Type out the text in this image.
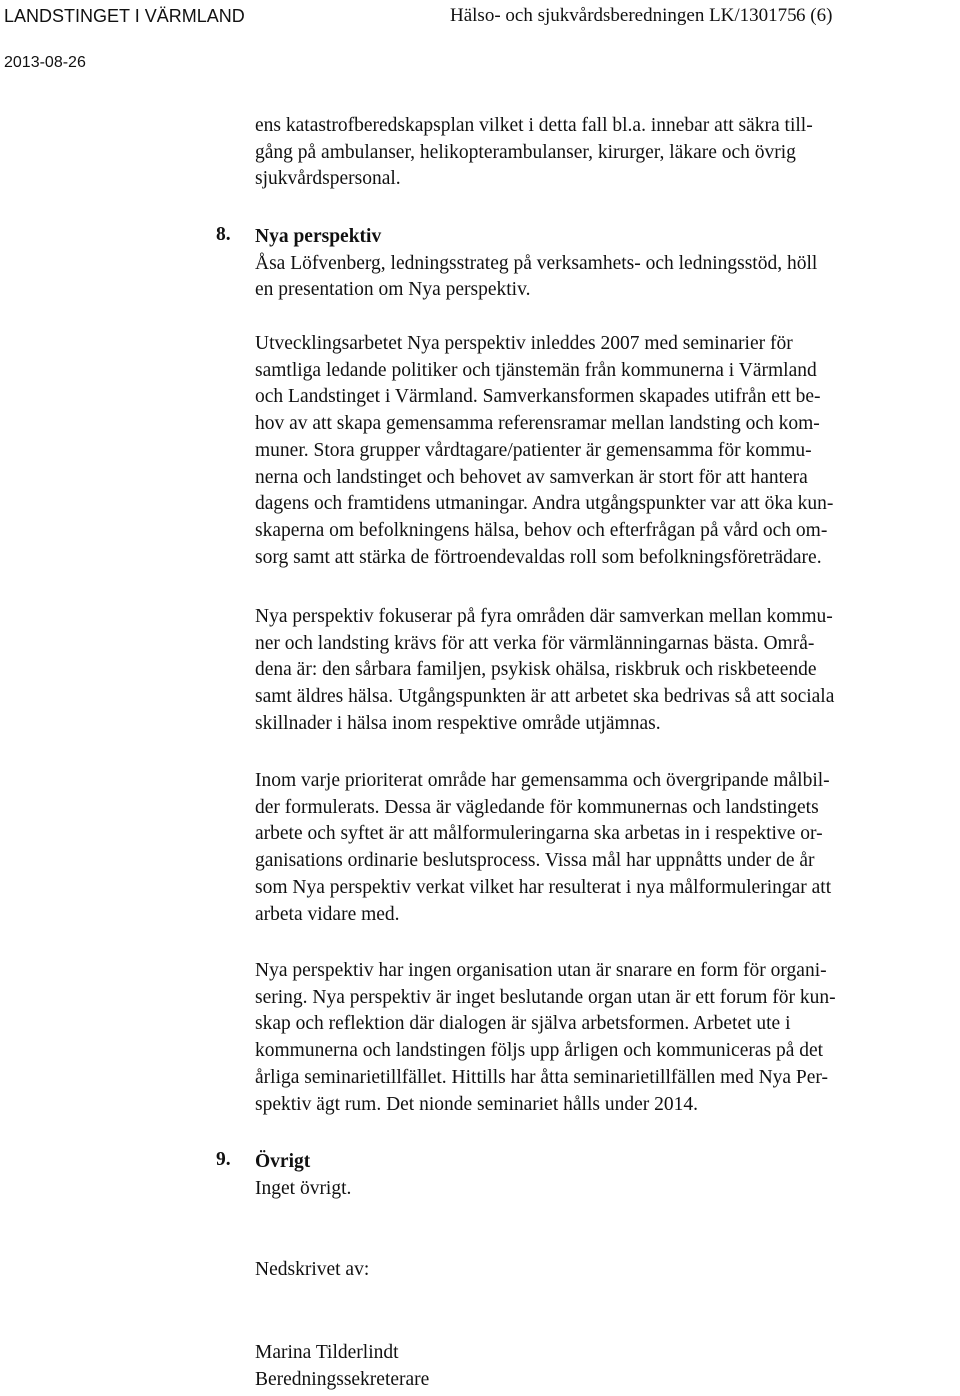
LANDSTINGET I VÄRMLAND	Hälso- och sjukvårdsberedningen LK/130175 6 (6)
2013-08-26
ens katastrofberedskapsplan vilket i detta fall bl.a. innebar att säkra till-
gång på ambulanser, helikopterambulanser, kirurger, läkare och övrig
sjukvårdspersonal.
8. Nya perspektiv
Åsa Löfvenberg, ledningsstrateg på verksamhets- och ledningsstöd, höll
en presentation om Nya perspektiv.
Utvecklingsarbetet Nya perspektiv inleddes 2007 med seminarier för
samtliga ledande politiker och tjänstemän från kommunerna i Värmland
och Landstinget i Värmland. Samverkansformen skapades utifrån ett be-
hov av att skapa gemensamma referensramar mellan landsting och kom-
muner. Stora grupper vårdtagare/patienter är gemensamma för kommu-
nerna och landstinget och behovet av samverkan är stort för att hantera
dagens och framtidens utmaningar. Andra utgångspunkter var att öka kun-
skaperna om befolkningens hälsa, behov och efterfrågan på vård och om-
sorg samt att stärka de förtroendevaldas roll som befolkningsföreträdare.
Nya perspektiv fokuserar på fyra områden där samverkan mellan kommu-
ner och landsting krävs för att verka för värmlänningarnas bästa. Områ-
dena är: den sårbara familjen, psykisk ohälsa, riskbruk och riskbeteende
samt äldres hälsa. Utgångspunkten är att arbetet ska bedrivas så att sociala
skillnader i hälsa inom respektive område utjämnas.
Inom varje prioriterat område har gemensamma och övergripande målbil-
der formulerats. Dessa är vägledande för kommunernas och landstingets
arbete och syftet är att målformuleringarna ska arbetas in i respektive or-
ganisations ordinarie beslutsprocess. Vissa mål har uppnåtts under de år
som Nya perspektiv verkat vilket har resulterat i nya målformuleringar att
arbeta vidare med.
Nya perspektiv har ingen organisation utan är snarare en form för organi-
sering. Nya perspektiv är inget beslutande organ utan är ett forum för kun-
skap och reflektion där dialogen är själva arbetsformen. Arbetet ute i
kommunerna och landstingen följs upp årligen och kommuniceras på det
årliga seminarietillfället. Hittills har åtta seminarietillfällen med Nya Per-
spektiv ägt rum. Det nionde seminariet hålls under 2014.
9. Övrigt
Inget övrigt.
Nedskrivet av:
Marina Tilderlindt
Beredningssekreterare
